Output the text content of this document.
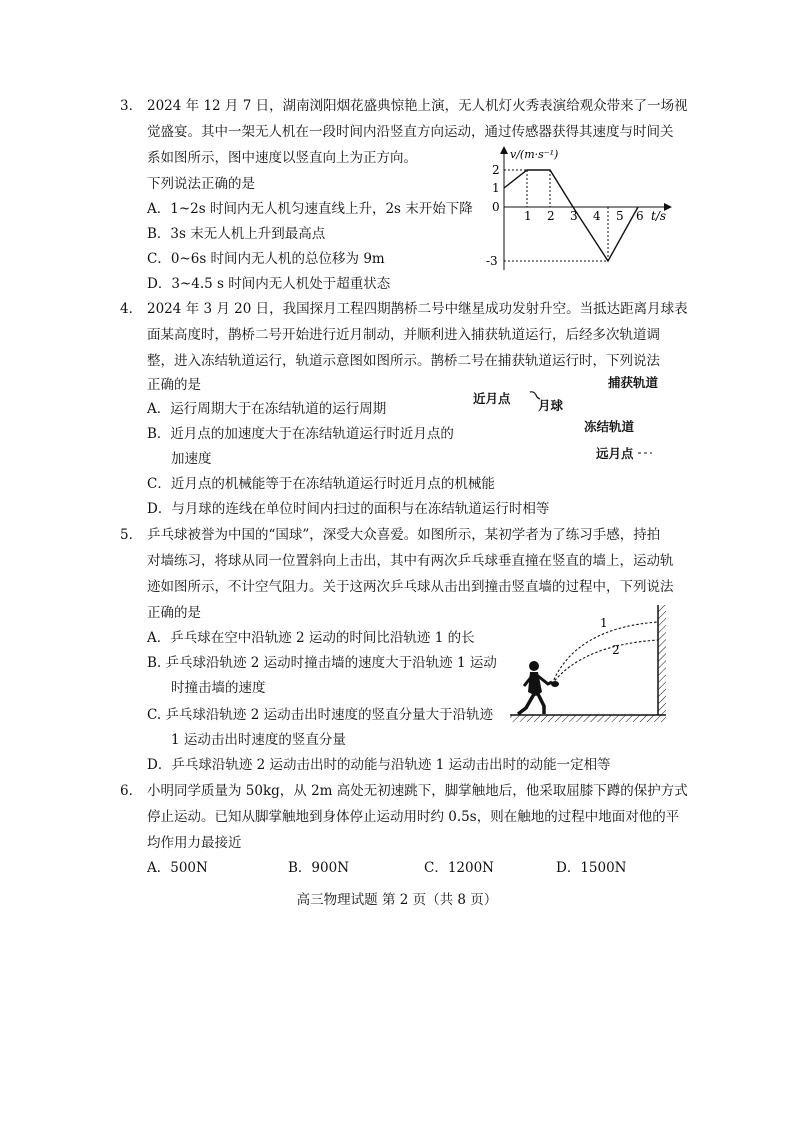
3． 2024 年 12 月 7 日，湖南浏阳烟花盛典惊艳上演，无人机灯火秀表演给观众带来了一场视
觉盛宴。其中一架无人机在一段时间内沿竖直方向运动，通过传感器获得其速度与时间关
系如图所示，图中速度以竖直向上为正方向。
下列说法正确的是
A．1~2s 时间内无人机匀速直线上升，2s 末开始下降
B．3s 末无人机上升到最高点
C．0~6s 时间内无人机的总位移为 9m
D．3~4.5 s 时间内无人机处于超重状态
v/(m·s⁻¹)
t/s
0
2
1
-3
1 2 3 4 5 6
4． 2024 年 3 月 20 日，我国探月工程四期鹊桥二号中继星成功发射升空。当抵达距离月球表
面某高度时，鹊桥二号开始进行近月制动，并顺利进入捕获轨道运行，后经多次轨道调
整，进入冻结轨道运行，轨道示意图如图所示。鹊桥二号在捕获轨道运行时，下列说法
正确的是
A．运行周期大于在冻结轨道的运行周期
B．近月点的加速度大于在冻结轨道运行时近月点的
加速度
C．近月点的机械能等于在冻结轨道运行时近月点的机械能
D．与月球的连线在单位时间内扫过的面积与在冻结轨道运行时相等
捕获轨道
近月点 月球
冻结轨道
远月点
5． 乒乓球被誉为中国的“国球”，深受大众喜爱。如图所示，某初学者为了练习手感，持拍
对墙练习，将球从同一位置斜向上击出，其中有两次乒乓球垂直撞在竖直的墙上，运动轨
迹如图所示，不计空气阻力。关于这两次乒乓球从击出到撞击竖直墙的过程中，下列说法
正确的是
A．乒乓球在空中沿轨迹 2 运动的时间比沿轨迹 1 的长
B. 乒乓球沿轨迹 2 运动时撞击墙的速度大于沿轨迹 1 运动
时撞击墙的速度
C. 乒乓球沿轨迹 2 运动击出时速度的竖直分量大于沿轨迹
1 运动击出时速度的竖直分量
D．乒乓球沿轨迹 2 运动击出时的动能与沿轨迹 1 运动击出时的动能一定相等
1
2
6． 小明同学质量为 50kg，从 2m 高处无初速跳下，脚掌触地后，他采取屈膝下蹲的保护方式
停止运动。已知从脚掌触地到身体停止运动用时约 0.5s，则在触地的过程中地面对他的平
均作用力最接近
A．500N	B．900N	C．1200N	D．1500N
高三物理试题 第 2 页（共 8 页）
